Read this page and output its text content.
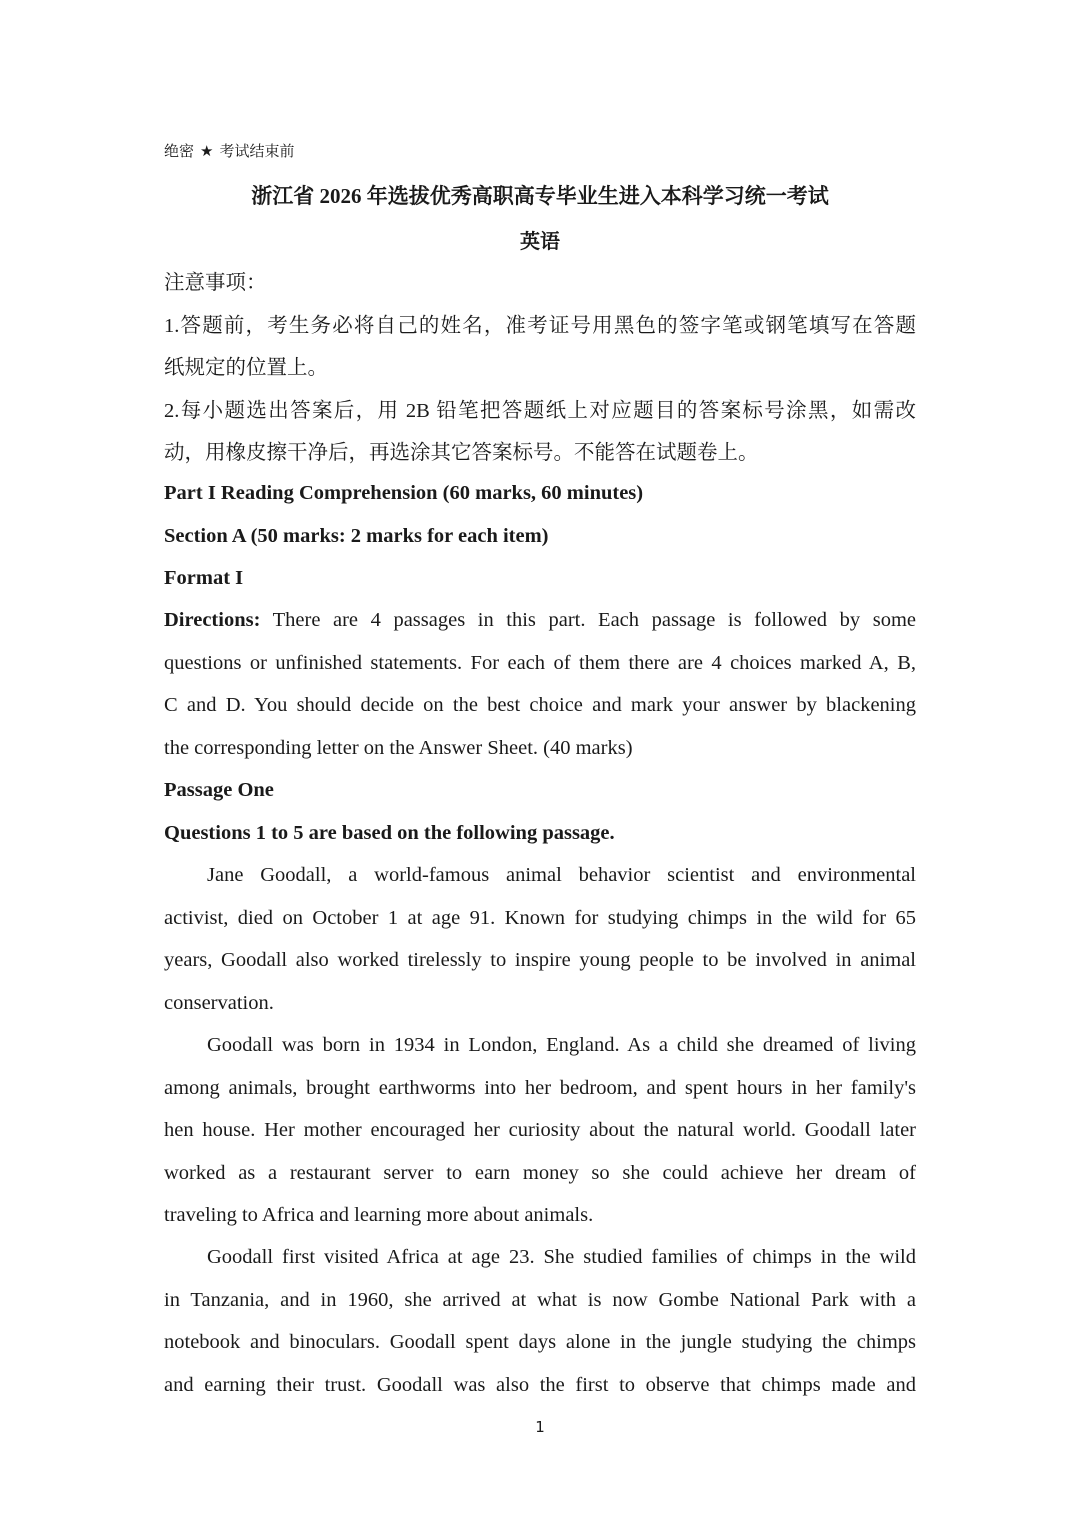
绝密 ★ 考试结束前
浙江省 2026 年选拔优秀高职高专毕业生进入本科学习统一考试
英语
注意事项：
1.答题前，考生务必将自己的姓名，准考证号用黑色的签字笔或钢笔填写在答题
纸规定的位置上。
2.每小题选出答案后，用 2B 铅笔把答题纸上对应题目的答案标号涂黑，如需改
动，用橡皮擦干净后，再选涂其它答案标号。不能答在试题卷上。
Part I Reading Comprehension (60 marks, 60 minutes)
Section A (50 marks: 2 marks for each item)
Format I
Directions: There are 4 passages in this part. Each passage is followed by some
questions or unfinished statements. For each of them there are 4 choices marked A, B,
C and D. You should decide on the best choice and mark your answer by blackening
the corresponding letter on the Answer Sheet. (40 marks)
Passage One
Questions 1 to 5 are based on the following passage.
Jane Goodall, a world-famous animal behavior scientist and environmental
activist, died on October 1 at age 91. Known for studying chimps in the wild for 65
years, Goodall also worked tirelessly to inspire young people to be involved in animal
conservation.
Goodall was born in 1934 in London, England. As a child she dreamed of living
among animals, brought earthworms into her bedroom, and spent hours in her family's
hen house. Her mother encouraged her curiosity about the natural world. Goodall later
worked as a restaurant server to earn money so she could achieve her dream of
traveling to Africa and learning more about animals.
Goodall first visited Africa at age 23. She studied families of chimps in the wild
in Tanzania, and in 1960, she arrived at what is now Gombe National Park with a
notebook and binoculars. Goodall spent days alone in the jungle studying the chimps
and earning their trust. Goodall was also the first to observe that chimps made and
1
